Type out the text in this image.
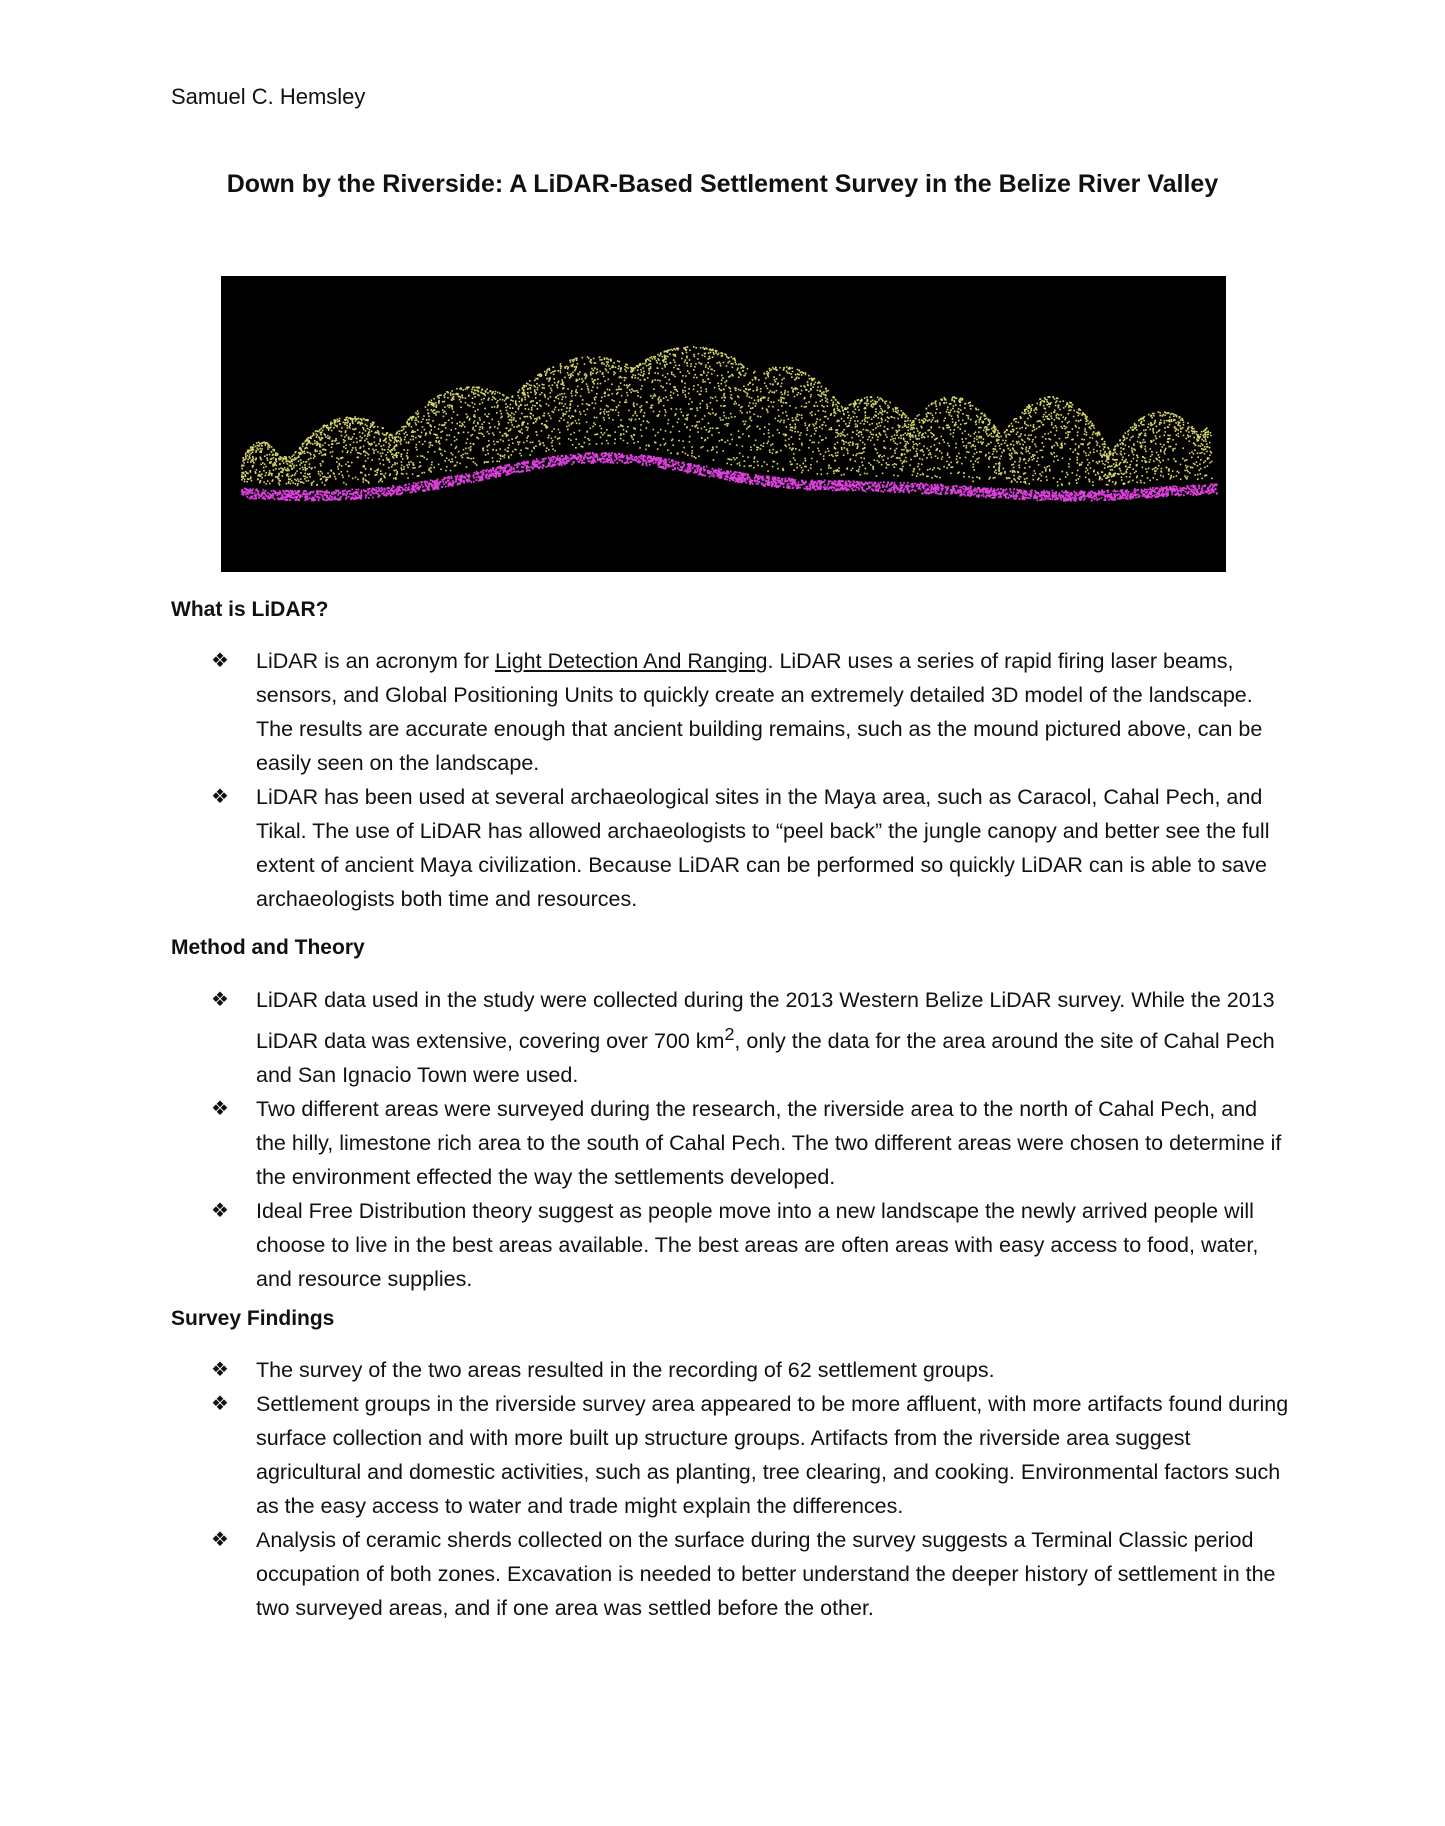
Samuel C. Hemsley
Down by the Riverside: A LiDAR-Based Settlement Survey in the Belize River Valley
What is LiDAR?
❖ LiDAR is an acronym for Light Detection And Ranging. LiDAR uses a series of rapid firing laser beams, sensors, and Global Positioning Units to quickly create an extremely detailed 3D model of the landscape. The results are accurate enough that ancient building remains, such as the mound pictured above, can be easily seen on the landscape.
❖ LiDAR has been used at several archaeological sites in the Maya area, such as Caracol, Cahal Pech, and Tikal. The use of LiDAR has allowed archaeologists to “peel back” the jungle canopy and better see the full extent of ancient Maya civilization. Because LiDAR can be performed so quickly LiDAR can is able to save archaeologists both time and resources.
Method and Theory
❖ LiDAR data used in the study were collected during the 2013 Western Belize LiDAR survey. While the 2013 LiDAR data was extensive, covering over 700 $km^2$, only the data for the area around the site of Cahal Pech and San Ignacio Town were used.
❖ Two different areas were surveyed during the research, the riverside area to the north of Cahal Pech, and the hilly, limestone rich area to the south of Cahal Pech. The two different areas were chosen to determine if the environment effected the way the settlements developed.
❖ Ideal Free Distribution theory suggest as people move into a new landscape the newly arrived people will choose to live in the best areas available. The best areas are often areas with easy access to food, water, and resource supplies.
Survey Findings
❖ The survey of the two areas resulted in the recording of 62 settlement groups.
❖ Settlement groups in the riverside survey area appeared to be more affluent, with more artifacts found during surface collection and with more built up structure groups. Artifacts from the riverside area suggest agricultural and domestic activities, such as planting, tree clearing, and cooking. Environmental factors such as the easy access to water and trade might explain the differences.
❖ Analysis of ceramic sherds collected on the surface during the survey suggests a Terminal Classic period occupation of both zones. Excavation is needed to better understand the deeper history of settlement in the two surveyed areas, and if one area was settled before the other.
